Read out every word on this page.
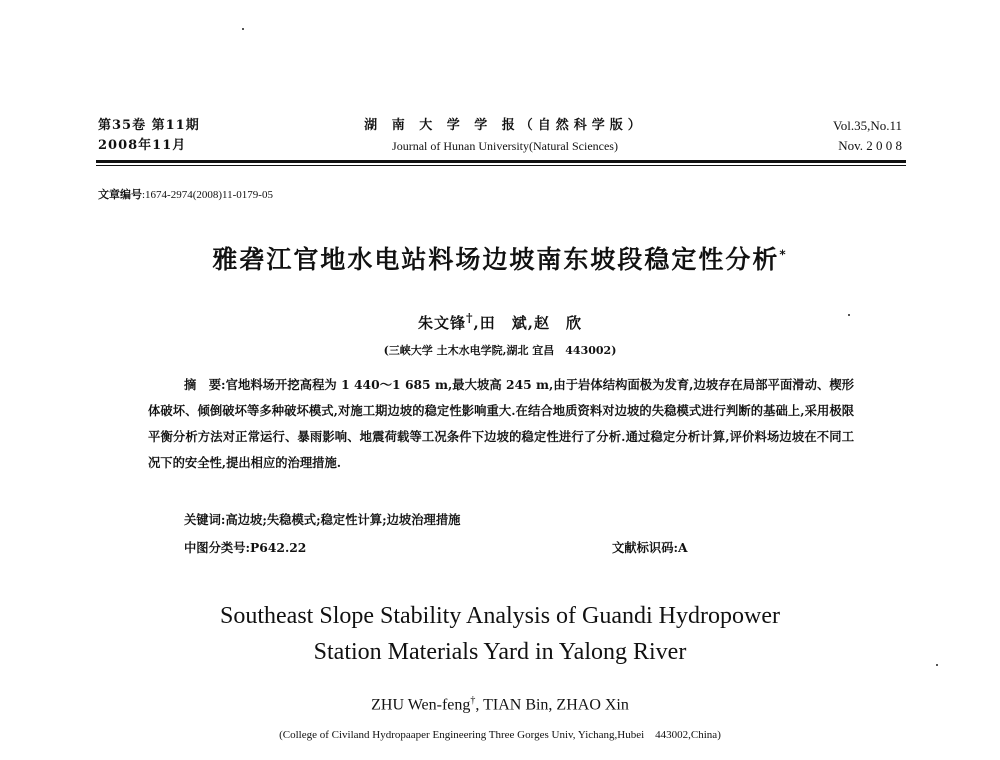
第35卷 第11期
2008年11月
湖 南 大 学 学 报（自然科学版）
Journal of Hunan University(Natural Sciences)
Vol.35,No.11
Nov. 2 0 0 8
文章编号:1674-2974(2008)11-0179-05
雅砻江官地水电站料场边坡南东坡段稳定性分析*
朱文锋†,田　斌,赵　欣
(三峡大学 土木水电学院,湖北 宜昌　443002)
摘　要:官地料场开挖高程为 1 440～1 685 m,最大坡高 245 m,由于岩体结构面极为发育,边坡存在局部平面滑动、楔形体破坏、倾倒破坏等多种破坏模式,对施工期边坡的稳定性影响重大.在结合地质资料对边坡的失稳模式进行判断的基础上,采用极限平衡分析方法对正常运行、暴雨影响、地震荷载等工况条件下边坡的稳定性进行了分析.通过稳定分析计算,评价料场边坡在不同工况下的安全性,提出相应的治理措施.
关键词:高边坡;失稳模式;稳定性计算;边坡治理措施
中图分类号:P642.22	文献标识码:A
Southeast Slope Stability Analysis of Guandi Hydropower
Station Materials Yard in Yalong River
ZHU Wen-feng†, TIAN Bin, ZHAO Xin
(College of Civiland Hydropaaper Engineering Three Gorges Univ, Yichang,Hubei　443002,China)
